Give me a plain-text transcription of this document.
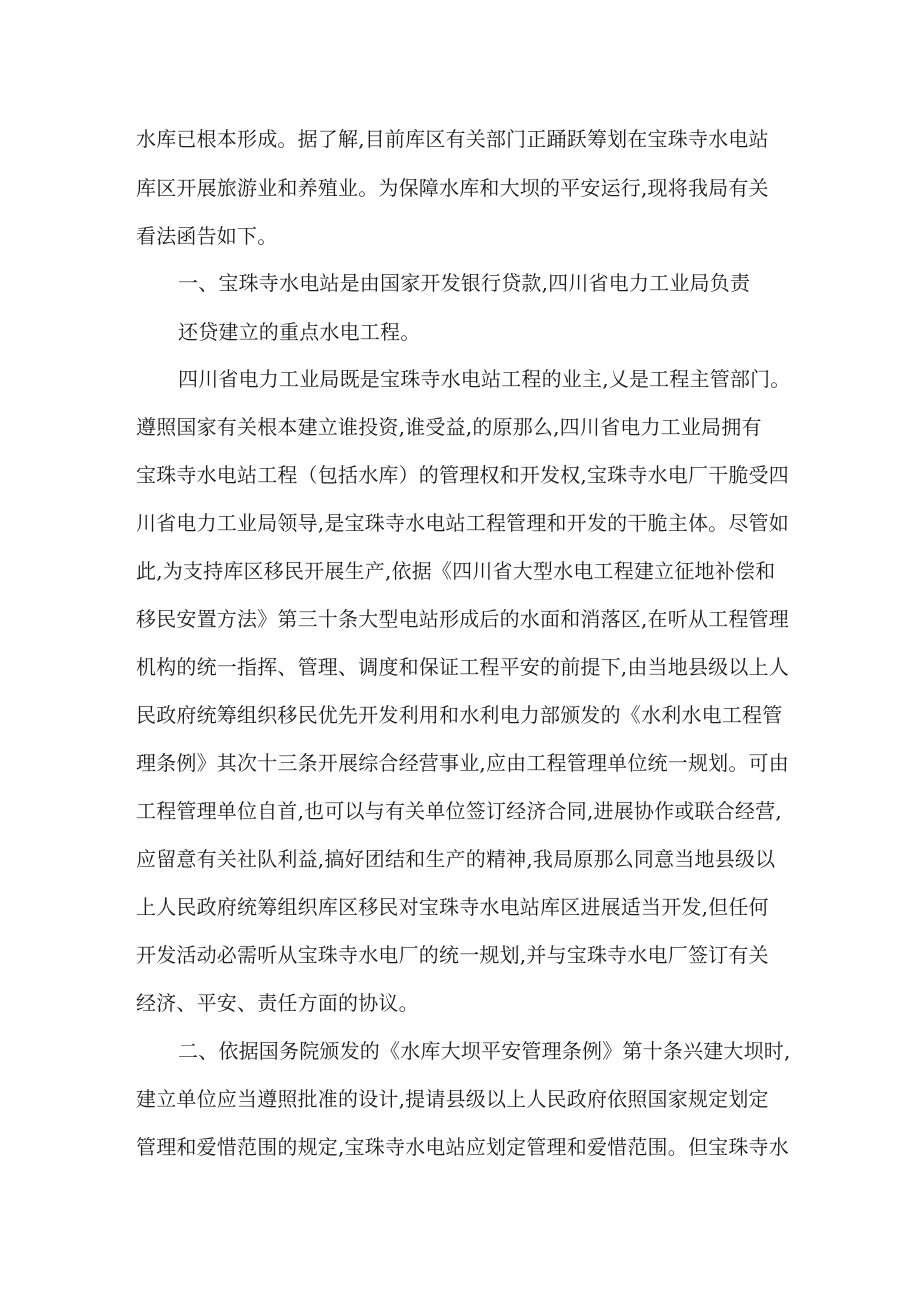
水库已根本形成。据了解,目前库区有关部门正踊跃筹划在宝珠寺水电站
库区开展旅游业和养殖业。为保障水库和大坝的平安运行,现将我局有关
看法函告如下。
一、宝珠寺水电站是由国家开发银行贷款,四川省电力工业局负责
还贷建立的重点水电工程。
四川省电力工业局既是宝珠寺水电站工程的业主,乂是工程主管部门。
遵照国家有关根本建立谁投资,谁受益,的原那么,四川省电力工业局拥有
宝珠寺水电站工程（包括水库）的管理权和开发权,宝珠寺水电厂干脆受四
川省电力工业局领导,是宝珠寺水电站工程管理和开发的干脆主体。尽管如
此,为支持库区移民开展生产,依据《四川省大型水电工程建立征地补偿和
移民安置方法》第三十条大型电站形成后的水面和消落区,在听从工程管理
机构的统一指挥、管理、调度和保证工程平安的前提下,由当地县级以上人
民政府统筹组织移民优先开发利用和水利电力部颁发的《水利水电工程管
理条例》其次十三条开展综合经营事业,应由工程管理单位统一规划。可由
工程管理单位自首,也可以与有关单位签订经济合同,进展协作或联合经营,
应留意有关社队利益,搞好团结和生产的精神,我局原那么同意当地县级以
上人民政府统筹组织库区移民对宝珠寺水电站库区进展适当开发,但任何
开发活动必需听从宝珠寺水电厂的统一规划,并与宝珠寺水电厂签订有关
经济、平安、责任方面的协议。
二、依据国务院颁发的《水库大坝平安管理条例》第十条兴建大坝时,
建立单位应当遵照批准的设计,提请县级以上人民政府依照国家规定划定
管理和爱惜范围的规定,宝珠寺水电站应划定管理和爱惜范围。但宝珠寺水
